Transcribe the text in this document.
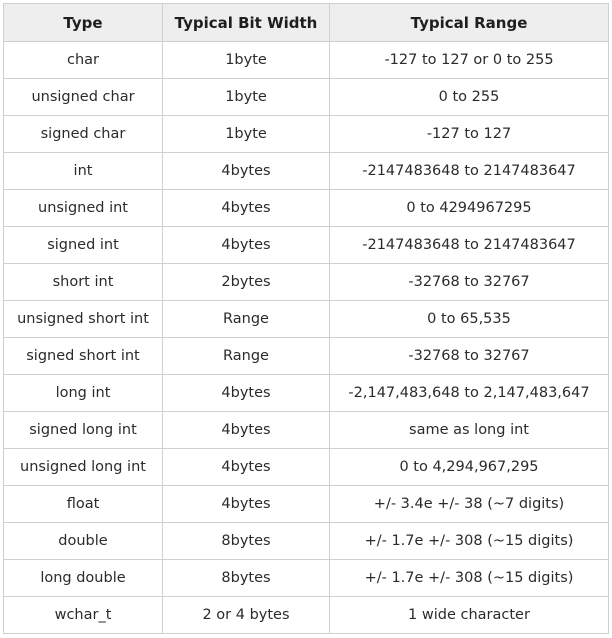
Type	Typical Bit Width	Typical Range
char	1byte	-127 to 127 or 0 to 255
unsigned char	1byte	0 to 255
signed char	1byte	-127 to 127
int	4bytes	-2147483648 to 2147483647
unsigned int	4bytes	0 to 4294967295
signed int	4bytes	-2147483648 to 2147483647
short int	2bytes	-32768 to 32767
unsigned short int	Range	0 to 65,535
signed short int	Range	-32768 to 32767
long int	4bytes	-2,147,483,648 to 2,147,483,647
signed long int	4bytes	same as long int
unsigned long int	4bytes	0 to 4,294,967,295
float	4bytes	+/- 3.4e +/- 38 (~7 digits)
double	8bytes	+/- 1.7e +/- 308 (~15 digits)
long double	8bytes	+/- 1.7e +/- 308 (~15 digits)
wchar_t	2 or 4 bytes	1 wide character
